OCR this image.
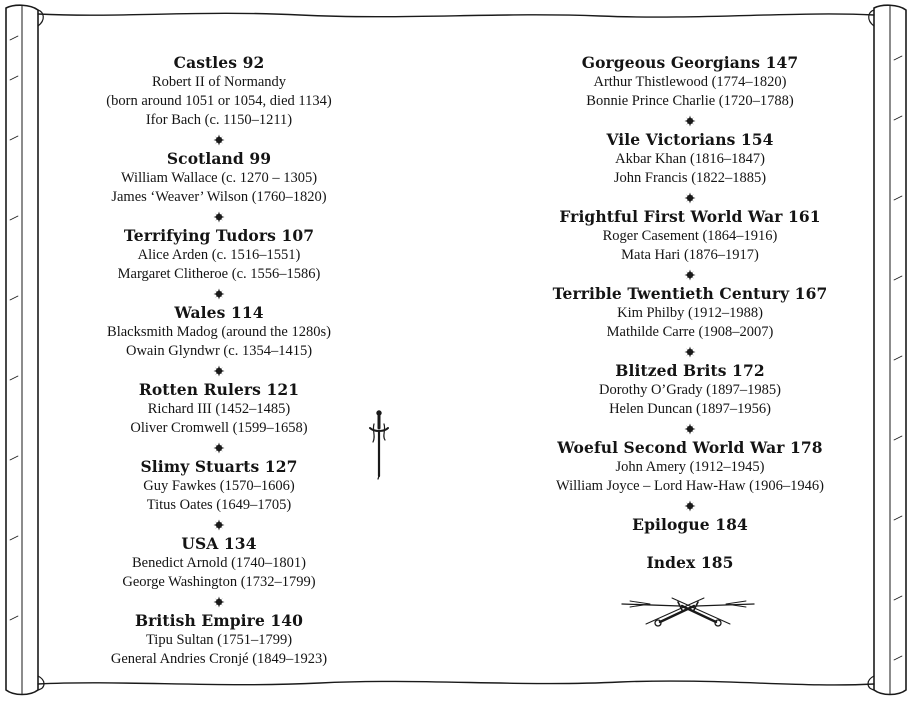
Castles 92
Robert II of Normandy
(born around 1051 or 1054, died 1134)
Ifor Bach (c. 1150–1211)
Scotland 99
William Wallace (c. 1270 – 1305)
James ‘Weaver’ Wilson (1760–1820)
Terrifying Tudors 107
Alice Arden (c. 1516–1551)
Margaret Clitheroe (c. 1556–1586)
Wales 114
Blacksmith Madog (around the 1280s)
Owain Glyndwr (c. 1354–1415)
Rotten Rulers 121
Richard III (1452–1485)
Oliver Cromwell (1599–1658)
Slimy Stuarts 127
Guy Fawkes (1570–1606)
Titus Oates (1649–1705)
USA 134
Benedict Arnold (1740–1801)
George Washington (1732–1799)
British Empire 140
Tipu Sultan (1751–1799)
General Andries Cronjé (1849–1923)
Gorgeous Georgians 147
Arthur Thistlewood (1774–1820)
Bonnie Prince Charlie (1720–1788)
Vile Victorians 154
Akbar Khan (1816–1847)
John Francis (1822–1885)
Frightful First World War 161
Roger Casement (1864–1916)
Mata Hari (1876–1917)
Terrible Twentieth Century 167
Kim Philby (1912–1988)
Mathilde Carre (1908–2007)
Blitzed Brits 172
Dorothy O’Grady (1897–1985)
Helen Duncan (1897–1956)
Woeful Second World War 178
John Amery (1912–1945)
William Joyce – Lord Haw-Haw (1906–1946)
Epilogue 184
Index 185
